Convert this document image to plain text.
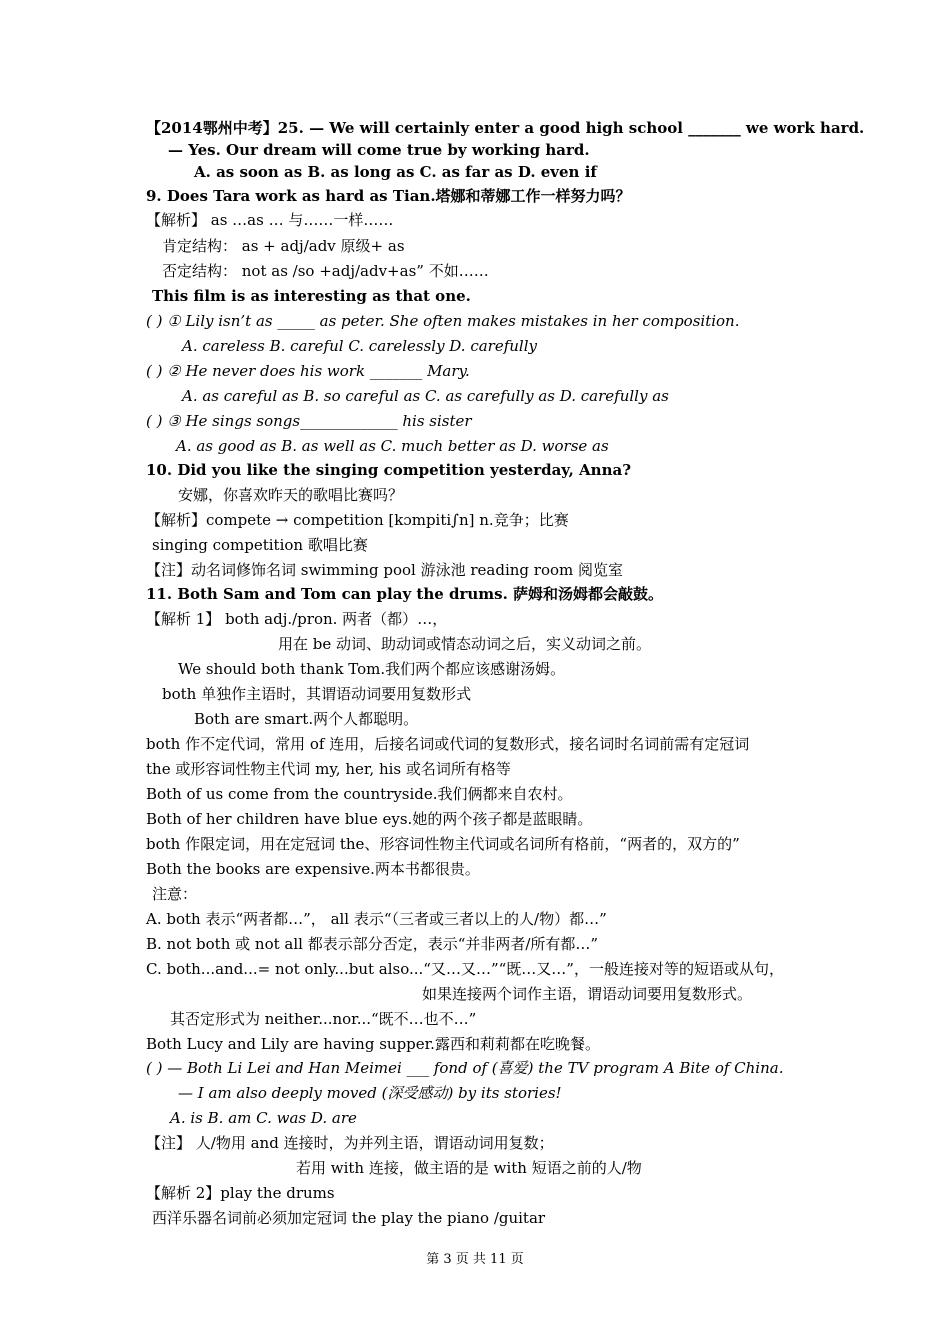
【2014鄂州中考】25. — We will certainly enter a good high school _______ we work hard.
— Yes. Our dream will come true by working hard.
A. as soon as B. as long as C. as far as D. even if
9. Does Tara work as hard as Tian.塔娜和蒂娜工作一样努力吗？
【解析】 as …as … 与……一样……
肯定结构： as + adj/adv 原级+ as
否定结构： not as /so +adj/adv+as” 不如……
This film is as interesting as that one.
( ) ① Lily isn’t as _____ as peter. She often makes mistakes in her composition.
A. careless B. careful C. carelessly D. carefully
( ) ② He never does his work _______ Mary.
A. as careful as B. so careful as C. as carefully as D. carefully as
( ) ③ He sings songs_____________ his sister
A. as good as B. as well as C. much better as D. worse as
10. Did you like the singing competition yesterday, Anna?
安娜，你喜欢昨天的歌唱比赛吗？
【解析】compete → competition [kɔmpiti∫n] n.竞争；比赛
singing competition 歌唱比赛
【注】动名词修饰名词 swimming pool 游泳池 reading room 阅览室
11. Both Sam and Tom can play the drums. 萨姆和汤姆都会敲鼓。
【解析 1】 both adj./pron. 两者（都）…，
用在 be 动词、助动词或情态动词之后，实义动词之前。
We should both thank Tom.我们两个都应该感谢汤姆。
both 单独作主语时，其谓语动词要用复数形式
Both are smart.两个人都聪明。
both 作不定代词，常用 of 连用，后接名词或代词的复数形式，接名词时名词前需有定冠词
the 或形容词性物主代词 my, her, his 或名词所有格等
Both of us come from the countryside.我们俩都来自农村。
Both of her children have blue eys.她的两个孩子都是蓝眼睛。
both 作限定词，用在定冠词 the、形容词性物主代词或名词所有格前，“两者的，双方的”
Both the books are expensive.两本书都很贵。
注意：
A. both 表示“两者都…”， all 表示“（三者或三者以上的人/物）都…”
B. not both 或 not all 都表示部分否定，表示“并非两者/所有都…”
C. both...and...= not only...but also...“又…又…”“既…又…”，一般连接对等的短语或从句，
如果连接两个词作主语，谓语动词要用复数形式。
其否定形式为 neither...nor...“既不…也不…”
Both Lucy and Lily are having supper.露西和莉莉都在吃晚餐。
( ) — Both Li Lei and Han Meimei ___ fond of (喜爱) the TV program A Bite of China.
— I am also deeply moved (深受感动) by its stories!
A. is B. am C. was D. are
【注】 人/物用 and 连接时，为并列主语，谓语动词用复数；
若用 with 连接，做主语的是 with 短语之前的人/物
【解析 2】play the drums
西洋乐器名词前必须加定冠词 the play the piano /guitar
第 3 页 共 11 页
